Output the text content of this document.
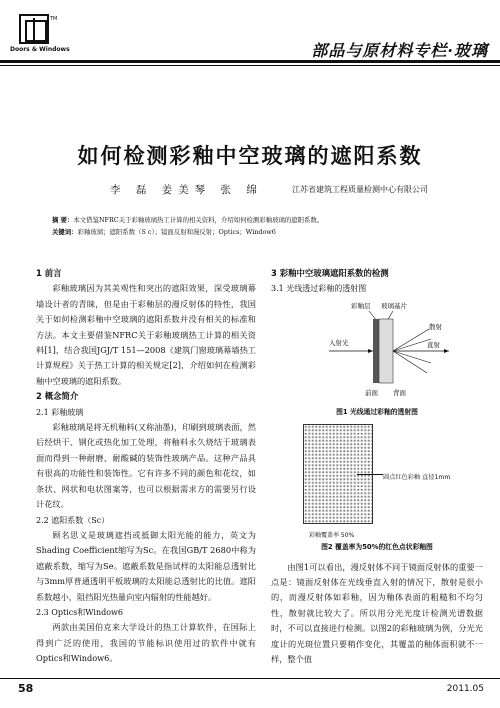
TM
Doors & Windows	部品与原材料专栏·玻璃
如何检测彩釉中空玻璃的遮阳系数
李 磊 姜美琴 张 绵	江苏省建筑工程质量检测中心有限公司
摘 要：本文借鉴NFRC关于彩釉玻璃热工计算的相关资料，介绍如何检测彩釉玻璃的遮阳系数。
关键词：彩釉玻璃；遮阳系数（S c）；镜面反射和漫反射；Optics；Window6
1 前言

彩釉玻璃因为其美观性和突出的遮阳效果，深受玻璃幕墙设计者的青睐，但是由于彩釉层的漫反射体的特性，我国关于如何检测彩釉中空玻璃的遮阳系数并没有相关的标准和方法。本文主要借鉴NFRC关于彩釉玻璃热工计算的相关资料[1]，结合我国JGJ/T 151—2008《建筑门窗玻璃幕墙热工计算规程》关于热工计算的相关规定[2]，介绍如何在检测彩釉中空玻璃的遮阳系数。

2 概念简介
2.1 彩釉玻璃

彩釉玻璃是将无机釉料(又称油墨)，印刷到玻璃表面，然后经烘干、钢化或热化加工处理，将釉料永久烧结于玻璃表面而得到一种耐磨、耐酸碱的装饰性玻璃产品。这种产品具有很高的功能性和装饰性。它有许多不同的颜色和花纹，如条状、网状和电状图案等，也可以根据需求方的需要另行设计花纹。

2.2 遮阳系数（Sc）

顾名思义是玻璃遮挡或抵御太阳光能的能力，英文为Shading Coefficient缩写为Sc。在我国GB/T 2680中称为遮蔽系数，缩写为Se。遮蔽系数是指试样的太阳能总透射比与3mm厚普通透明平板玻璃的太阳能总透射比的比值。遮阳系数越小，阻挡阳光热量向室内辐射的性能越好。

2.3 Optics和Window6

两款由美国伯克来大学设计的热工计算软件，在国际上得到广泛的使用，我国的节能标识使用过的软件中就有Optics和Window6。

3 彩釉中空玻璃遮阳系数的检测
3.1 光线透过彩釉的透射图
彩釉层 玻璃基片
入射光	直射
散射
前面 背面
图1 光线通过彩釉的透射图
圆点红色彩釉 直径1mm
彩釉覆盖率 50%
图2 覆盖率为50%的红色点状彩釉图

由图1可以看出，漫反射体不同于镜面反射体的重要一点是：镜面反射体在光线垂直入射的情况下，散射是很小的，而漫反射体如彩釉，因为釉体表面的粗糙和不均匀性，散射就比较大了。所以用分光光度计检测光谱数据时，不可以直接进行检测。以图2的彩釉玻璃为例，分光光度计的光斑位置只要稍作变化，其覆盖的釉体面积就不一样，整个值

58	2011.05
